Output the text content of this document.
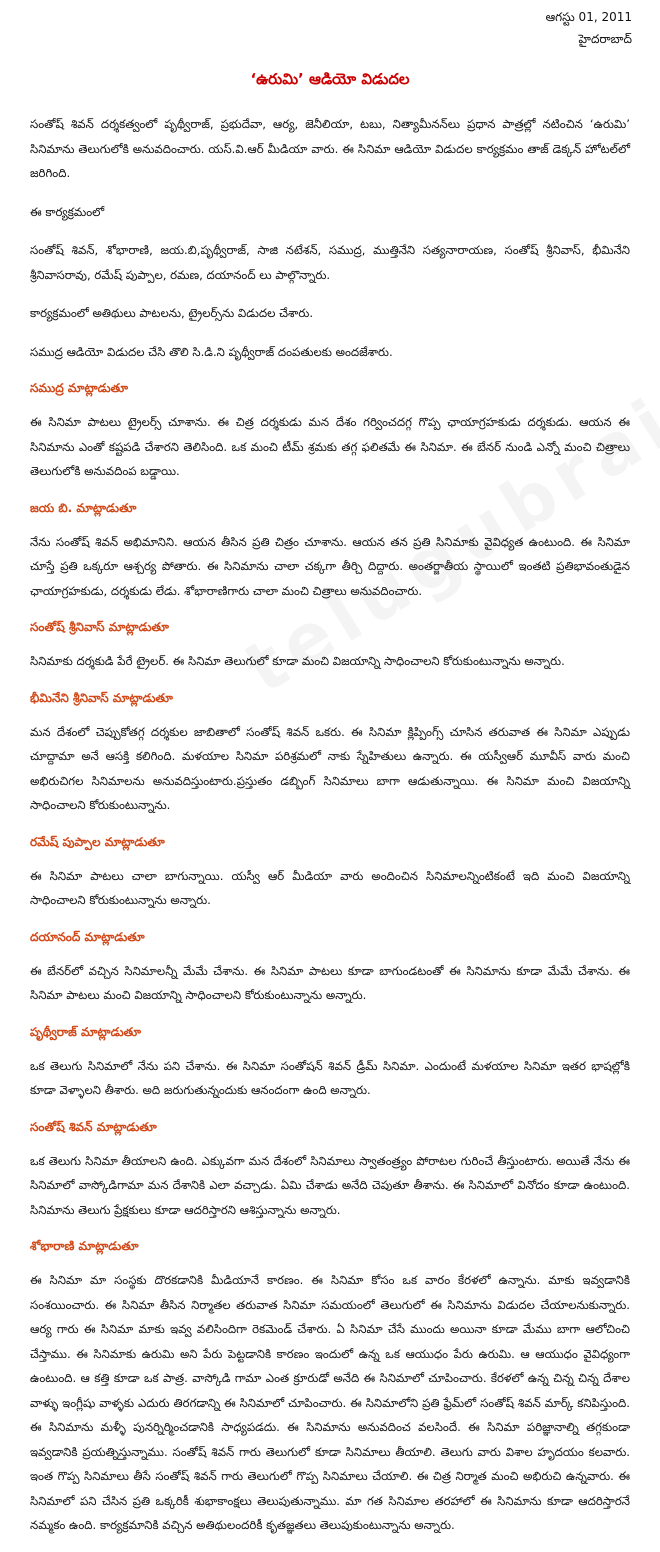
ఆగస్టు 01, 2011
హైదరాబాద్
‘ఉరుమి’ ఆడియో విడుదల

సంతోష్ శివన్ దర్శకత్వంలో పృథ్వీరాజ్, ప్రభుదేవా, ఆర్య, జెనీలియా, టబు, నిత్యామీనన్‌లు ప్రధాన పాత్రల్లో నటించిన ‘ఉరుమి’ సినిమాను తెలుగులోకి అనువదించారు. యస్.వి.ఆర్ మీడియా వారు. ఈ సినిమా ఆడియో విడుదల కార్యక్రమం తాజ్ డెక్కన్ హోటల్‌లో జరిగింది.

ఈ కార్యక్రమంలో

సంతోష్ శివన్, శోభారాణి, జయ.బి,పృథ్వీరాజ్, సాజి నటేశన్, సముద్ర, ముత్తినేని సత్యనారాయణ, సంతోష్ శ్రీనివాస్, భీమినేని శ్రీనివాసరావు, రమేష్ పుప్పాల, రమణ, దయానంద్ లు పాల్గొన్నారు.

కార్యక్రమంలో అతిథులు పాటలను, ట్రైలర్స్‌ను విడుదల చేశారు.

సముద్ర ఆడియో విడుదల చేసి తొలి సి.డి.ని పృథ్వీరాజ్ దంపతులకు అందజేశారు.

సముద్ర మాట్లాడుతూ

ఈ సినిమా పాటలు ట్రైలర్స్ చూశాను. ఈ చిత్ర దర్శకుడు మన దేశం గర్వించదగ్గ గొప్ప ఛాయాగ్రహకుడు దర్శకుడు. ఆయన ఈ సినిమాను ఎంతో కష్టపడి చేశారని తెలిసింది. ఒక మంచి టీమ్ శ్రమకు తగ్గ ఫలితమే ఈ సినిమా. ఈ బేనర్ నుండి ఎన్నో మంచి చిత్రాలు తెలుగులోకి అనువదింప బడ్డాయి.

జయ బి. మాట్లాడుతూ

నేను సంతోష్ శివన్ అభిమానిని. ఆయన తీసిన ప్రతి చిత్రం చూశాను. ఆయన తన ప్రతి సినిమాకు వైవిధ్యత ఉంటుంది. ఈ సినిమా చూస్తే ప్రతి ఒక్కరూ ఆశ్చర్య పోతారు. ఈ సినిమాను చాలా చక్కగా తీర్చి దిద్దారు. అంతర్జాతీయ స్థాయిలో ఇంతటి ప్రతిభావంతుడైన ఛాయాగ్రహకుడు, దర్శకుడు లేడు. శోభారాణిగారు చాలా మంచి చిత్రాలు అనువదించారు.

సంతోష్ శ్రీనివాస్ మాట్లాడుతూ

సినిమాకు దర్శకుడి పేరే ట్రైలర్. ఈ సినిమా తెలుగులో కూడా మంచి విజయాన్ని సాధించాలని కోరుకుంటున్నాను అన్నారు.

భీమినేని శ్రీనివాస్ మాట్లాడుతూ

మన దేశంలో చెప్పుకోతగ్గ దర్శకుల జాబితాలో సంతోష్ శివన్ ఒకరు. ఈ సినిమా క్లిప్పింగ్స్ చూసిన తరువాత ఈ సినిమా ఎప్పుడు చూద్దామా అనే ఆసక్తి కలిగింది. మళయాల సినిమా పరిశ్రమలో నాకు స్నేహితులు ఉన్నారు. ఈ యస్వీఆర్ మూవీస్ వారు మంచి అభిరుచిగల సినిమాలను అనువదిస్తుంటారు.ప్రస్తుతం డబ్బింగ్ సినిమాలు బాగా ఆడుతున్నాయి. ఈ సినిమా మంచి విజయాన్ని సాధించాలని కోరుకుంటున్నాను.

రమేష్ పుప్పాల మాట్లాడుతూ

ఈ సినిమా పాటలు చాలా బాగున్నాయి. యస్వీ ఆర్ మీడియా వారు అందించిన సినిమాలన్నింటికంటే ఇది మంచి విజయాన్ని సాధించాలని కోరుకుంటున్నాను అన్నారు.

దయానంద్ మాట్లాడుతూ

ఈ బేనర్‌లో వచ్చిన సినిమాలన్నీ మేమే చేశాను. ఈ సినిమా పాటలు కూడా బాగుండటంతో ఈ సినిమాను కూడా మేమే చేశాను. ఈ సినిమా పాటలు మంచి విజయాన్ని సాధించాలని కోరుకుంటున్నాను అన్నారు.

పృథ్వీరాజ్ మాట్లాడుతూ

ఒక తెలుగు సినిమాలో నేను పని చేశాను. ఈ సినిమా సంతోషన్ శివన్ డ్రీమ్ సినిమా. ఎందుంటే మళయాల సినిమా ఇతర భాషల్లోకి కూడా వెళ్ళాలని తీశారు. అది జరుగుతున్నందుకు ఆనందంగా ఉంది అన్నారు.

సంతోష్ శివన్ మాట్లాడుతూ

ఒక తెలుగు సినిమా తీయాలని ఉంది. ఎక్కువగా మన దేశంలో సినిమాలు స్వాతంత్ర్యం పోరాటల గురించే తీస్తుంటారు. అయితే నేను ఈ సినిమాలో వాస్కోడిగామా మన దేశానికి ఎలా వచ్చాడు. ఏమి చేశాడు అనేది చెపుతూ తీశాను. ఈ సినిమాలో వినోదం కూడా ఉంటుంది. సినిమాను తెలుగు ప్రేక్షకులు కూడా ఆదరిస్తారని ఆశిస్తున్నాను అన్నారు.

శోభారాణి మాట్లాడుతూ

ఈ సినిమా మా సంస్థకు దొరకడానికి మీడియానే కారణం. ఈ సినిమా కోసం ఒక వారం కేరళలో ఉన్నాను. మాకు ఇవ్వడానికి సంశయించారు. ఈ సినిమా తీసిన నిర్మాతల తరువాత సినిమా సమయంలో తెలుగులో ఈ సినిమాను విడుదల చేయాలనుకున్నారు. ఆర్య గారు ఈ సినిమా మాకు ఇవ్వ వలిసిందిగా రెకమెండ్ చేశారు. ఏ సినిమా చేసే ముందు అయినా కూడా మేము బాగా ఆలోచించి చేస్తాము. ఈ సినిమాకు ఉరుమి అని పేరు పెట్టడానికి కారణం ఇందులో ఉన్న ఒక ఆయుధం పేరు ఉరుమి. ఆ ఆయుధం వైవిధ్యంగా ఉంటుంది. ఆ కత్తి కూడా ఒక పాత్ర. వాస్కోడి గామా ఎంత క్రూరుడో అనేది ఈ సినిమాలో చూపించారు. కేరళలో ఉన్న చిన్న చిన్న దేశాల వాళ్ళు ఇంగ్లీషు వాళ్ళకు ఎదురు తిరగడాన్ని ఈ సినిమాలో చూపించారు. ఈ సినిమాలోని ప్రతి ఫ్రేమ్‌లో సంతోష్ శివన్ మార్క్ కనిపిస్తుంది. ఈ సినిమాను మళ్ళీ పునర్నిర్మించడానికి సాధ్యపడదు. ఈ సినిమాను అనువదించ వలసిందే. ఈ సినిమా పరిజ్ఞానాల్ని తగ్గకుండా ఇవ్వడానికి ప్రయత్నిస్తున్నాము. సంతోష్ శివన్ గారు తెలుగులో కూడా సినిమాలు తీయాలి. తెలుగు వారు విశాల హృదయం కలవారు. ఇంత గొప్ప సినిమాలు తీసే సంతోష్ శివన్ గారు తెలుగులో గొప్ప సినిమాలు చేయాలి. ఈ చిత్ర నిర్మాత మంచి అభిరుచి ఉన్నవారు. ఈ సినిమాలో పని చేసిన ప్రతి ఒక్కరికీ శుభాకాంక్షలు తెలుపుతున్నాము. మా గత సినిమాల తరహాలో ఈ సినిమాను కూడా ఆదరిస్తారనే నమ్మకం ఉంది. కార్యక్రమానికి వచ్చిన అతిథులందరికీ కృతజ్ఞతలు తెలుపుకుంటున్నాను అన్నారు.
